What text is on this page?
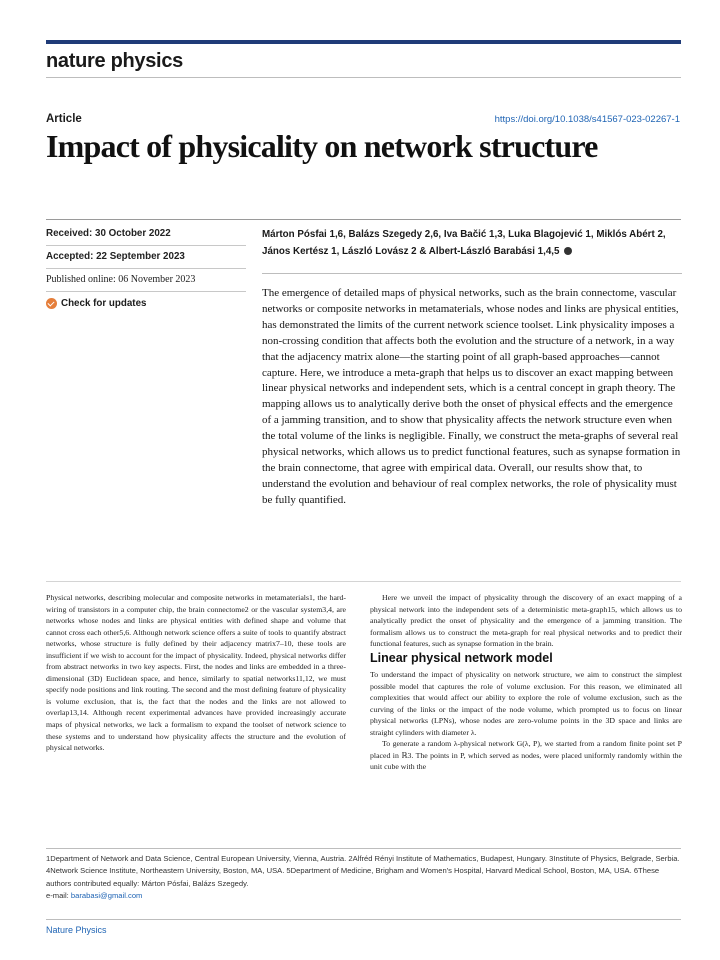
nature physics
Article	https://doi.org/10.1038/s41567-023-02267-1
Impact of physicality on network structure
Received: 30 October 2022
Accepted: 22 September 2023
Published online: 06 November 2023
Check for updates
Márton Pósfai 1,6, Balázs Szegedy 2,6, Iva Bačić 1,3, Luka Blagojević 1, Miklós Abért 2, János Kertész 1, László Lovász 2 & Albert-László Barabási 1,4,5
The emergence of detailed maps of physical networks, such as the brain connectome, vascular networks or composite networks in metamaterials, whose nodes and links are physical entities, has demonstrated the limits of the current network science toolset. Link physicality imposes a non-crossing condition that affects both the evolution and the structure of a network, in a way that the adjacency matrix alone—the starting point of all graph-based approaches—cannot capture. Here, we introduce a meta-graph that helps us to discover an exact mapping between linear physical networks and independent sets, which is a central concept in graph theory. The mapping allows us to analytically derive both the onset of physical effects and the emergence of a jamming transition, and to show that physicality affects the network structure even when the total volume of the links is negligible. Finally, we construct the meta-graphs of several real physical networks, which allows us to predict functional features, such as synapse formation in the brain connectome, that agree with empirical data. Overall, our results show that, to understand the evolution and behaviour of real complex networks, the role of physicality must be fully quantified.
Physical networks, describing molecular and composite networks in metamaterials1, the hard-wiring of transistors in a computer chip, the brain connectome2 or the vascular system3,4, are networks whose nodes and links are physical entities with defined shape and volume that cannot cross each other5,6. Although network science offers a suite of tools to quantify abstract networks, whose structure is fully defined by their adjacency matrix7–10, these tools are insufficient if we wish to account for the impact of physicality. Indeed, physical networks differ from abstract networks in two key aspects. First, the nodes and links are embedded in a three-dimensional (3D) Euclidean space, and hence, similarly to spatial networks11,12, we must specify node positions and link routing. The second and the most defining feature of physicality is volume exclusion, that is, the fact that the nodes and the links are not allowed to overlap13,14. Although recent experimental advances have provided increasingly accurate maps of physical networks, we lack a formalism to expand the toolset of network science to these systems and to understand how physicality affects the structure and the evolution of physical networks.
Here we unveil the impact of physicality through the discovery of an exact mapping of a physical network into the independent sets of a deterministic meta-graph15, which allows us to analytically predict the onset of physicality and the emergence of a jamming transition. The formalism allows us to construct the meta-graph for real physical networks and to predict their functional features, such as synapse formation in the brain.
Linear physical network model

To understand the impact of physicality on network structure, we aim to construct the simplest possible model that captures the role of volume exclusion. For this reason, we eliminated all complexities that would affect our ability to explore the role of volume exclusion, such as the curving of the links or the impact of the node volume, which prompted us to focus on linear physical networks (LPNs), whose nodes are zero-volume points in the 3D space and links are straight cylinders with diameter λ.

To generate a random λ-physical network G(λ, P), we started from a random finite point set P placed in ℝ3. The points in P, which served as nodes, were placed uniformly randomly within the unit cube with the

1Department of Network and Data Science, Central European University, Vienna, Austria. 2Alfréd Rényi Institute of Mathematics, Budapest, Hungary. 3Institute of Physics, Belgrade, Serbia. 4Network Science Institute, Northeastern University, Boston, MA, USA. 5Department of Medicine, Brigham and Women's Hospital, Harvard Medical School, Boston, MA, USA. 6These authors contributed equally: Márton Pósfai, Balázs Szegedy.
e-mail: barabasi@gmail.com
Nature Physics
